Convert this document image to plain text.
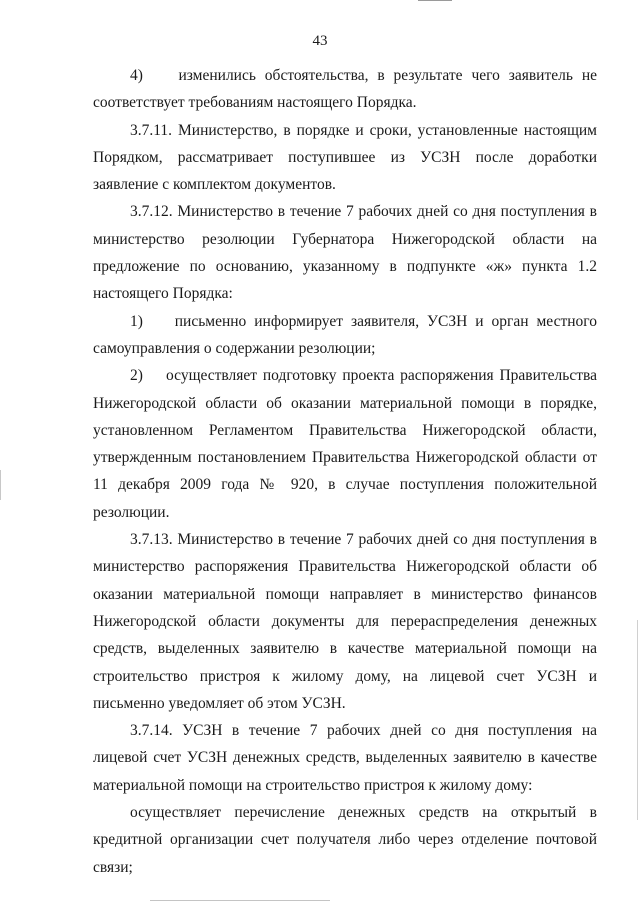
43

4)    изменились обстоятельства, в результате чего заявитель не соответствует требованиям настоящего Порядка.

3.7.11. Министерство, в порядке и сроки, установленные настоящим Порядком, рассматривает поступившее из УСЗН после доработки заявление с комплектом документов.

3.7.12. Министерство в течение 7 рабочих дней со дня поступления в министерство резолюции Губернатора Нижегородской области на предложение по основанию, указанному в подпункте «ж» пункта 1.2 настоящего Порядка:

1)    письменно информирует заявителя, УСЗН и орган местного самоуправления о содержании резолюции;

2)    осуществляет подготовку проекта распоряжения Правительства Нижегородской области об оказании материальной помощи в порядке, установленном Регламентом Правительства Нижегородской области, утвержденным постановлением Правительства Нижегородской области от 11 декабря 2009 года № 920, в случае поступления положительной резолюции.

3.7.13. Министерство в течение 7 рабочих дней со дня поступления в министерство распоряжения Правительства Нижегородской области об оказании материальной помощи направляет в министерство финансов Нижегородской области документы для перераспределения денежных средств, выделенных заявителю в качестве материальной помощи на строительство пристроя к жилому дому, на лицевой счет УСЗН и письменно уведомляет об этом УСЗН.

3.7.14. УСЗН в течение 7 рабочих дней со дня поступления на лицевой счет УСЗН денежных средств, выделенных заявителю в качестве материальной помощи на строительство пристроя к жилому дому:

осуществляет перечисление денежных средств на открытый в кредитной организации счет получателя либо через отделение почтовой связи;
